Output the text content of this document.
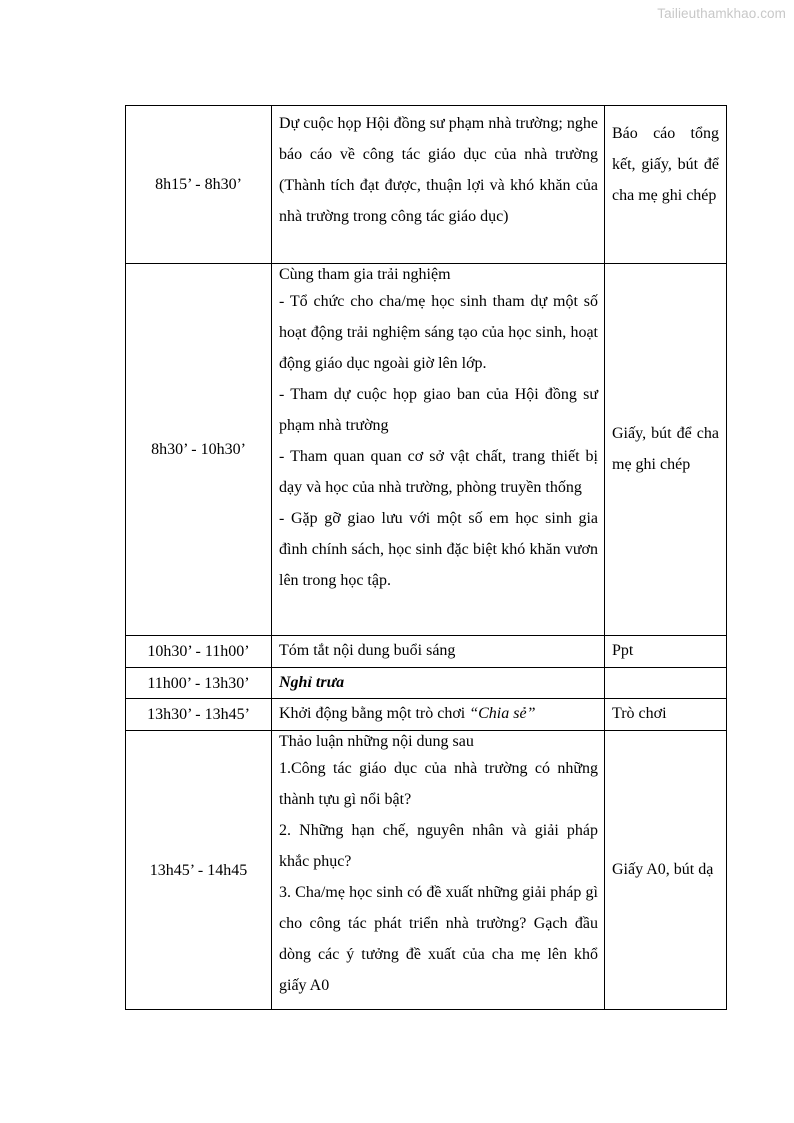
Tailieuthamkhao.com
8h15’ - 8h30’	Dự cuộc họp Hội đồng sư phạm nhà trường; nghe báo cáo về công tác giáo dục của nhà trường (Thành tích đạt được, thuận lợi và khó khăn của nhà trường trong công tác giáo dục)	Báo cáo tổng kết, giấy, bút để cha mẹ ghi chép

8h30’ - 10h30’	Cùng tham gia trải nghiệm
- Tổ chức cho cha/mẹ học sinh tham dự một số hoạt động trải nghiệm sáng tạo của học sinh, hoạt động giáo dục ngoài giờ lên lớp.
- Tham dự cuộc họp giao ban của Hội đồng sư phạm nhà trường
- Tham quan quan cơ sở vật chất, trang thiết bị dạy và học của nhà trường, phòng truyền thống
- Gặp gỡ giao lưu với một số em học sinh gia đình chính sách, học sinh đặc biệt khó khăn vươn lên trong học tập.	Giấy, bút để cha mẹ ghi chép

10h30’ - 11h00’	Tóm tắt nội dung buổi sáng	Ppt

11h00’ - 13h30’	Nghỉ trưa	

13h30’ - 13h45’	Khởi động bằng một trò chơi “Chia sẻ”	Trò chơi

13h45’ - 14h45	Thảo luận những nội dung sau
1.Công tác giáo dục của nhà trường có những thành tựu gì nổi bật?
2. Những hạn chế, nguyên nhân và giải pháp khắc phục?
3. Cha/mẹ học sinh có đề xuất những giải pháp gì cho công tác phát triển nhà trường? Gạch đầu dòng các ý tưởng đề xuất của cha mẹ lên khổ giấy A0	Giấy A0, bút dạ
